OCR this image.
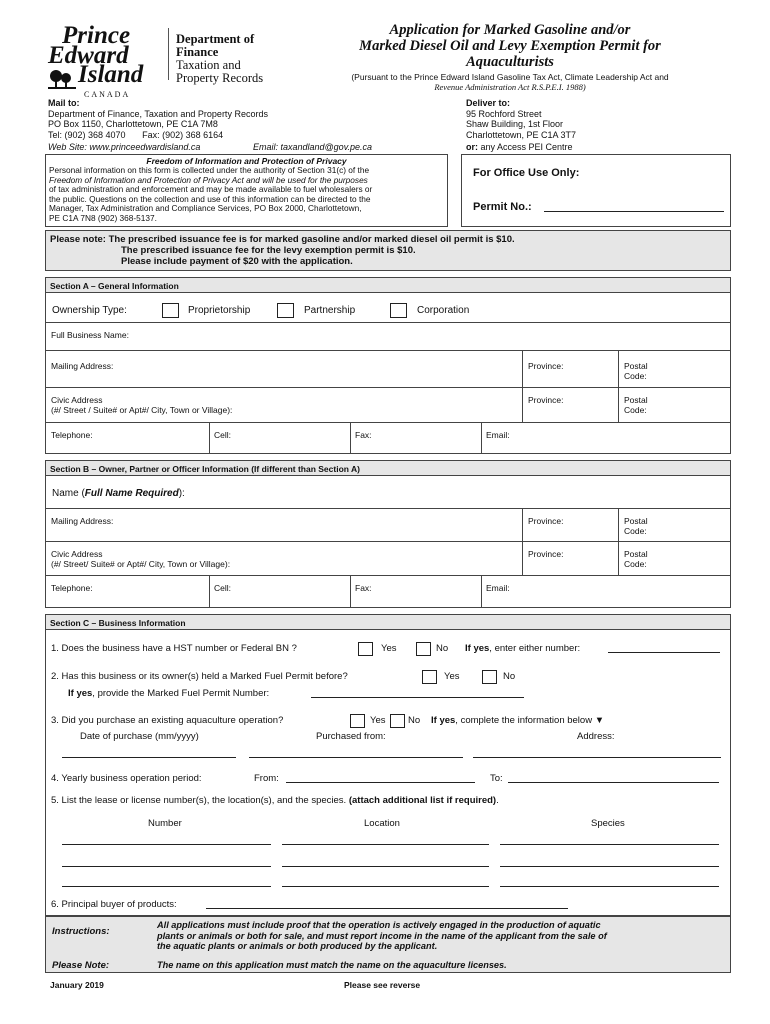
Prince
Edward
Island
CANADA
Department of
Finance
Taxation and
Property Records
Application for Marked Gasoline and/or
Marked Diesel Oil and Levy Exemption Permit for
Aquaculturists
(Pursuant to the Prince Edward Island Gasoline Tax Act, Climate Leadership Act and
Revenue Administration Act R.S.P.E.I. 1988)
Mail to:
Department of Finance, Taxation and Property Records
PO Box 1150, Charlottetown, PE C1A 7M8
Tel: (902) 368 4070 Fax: (902) 368 6164
Web Site: www.princeedwardisland.ca	Email: taxandland@gov.pe.ca
Deliver to:
95 Rochford Street
Shaw Building, 1st Floor
Charlottetown, PE C1A 3T7
or: any Access PEI Centre
Freedom of Information and Protection of Privacy
Personal information on this form is collected under the authority of Section 31(c) of the
Freedom of Information and Protection of Privacy Act and will be used for the purposes
of tax administration and enforcement and may be made available to fuel wholesalers or
the public. Questions on the collection and use of this information can be directed to the
Manager, Tax Administration and Compliance Services, PO Box 2000, Charlottetown,
PE C1A 7N8 (902) 368-5137.
For Office Use Only:
Permit No.:
Please note: The prescribed issuance fee is for marked gasoline and/or marked diesel oil permit is $10.
The prescribed issuance fee for the levy exemption permit is $10.
Please include payment of $20 with the application.
Section A – General Information
Ownership Type:	Proprietorship	Partnership	Corporation
Full Business Name:
Mailing Address:	Province:	Postal Code:
Civic Address
(#/ Street / Suite# or Apt#/ City, Town or Village):
Province:	Postal Code:
Telephone:	Cell:	Fax:	Email:
Section B – Owner, Partner or Officer Information (If different than Section A)
Name (Full Name Required):
Mailing Address:	Province:	Postal Code:
Civic Address
(#/ Street/ Suite# or Apt#/ City, Town or Village):
Province:	Postal Code:
Telephone:	Cell:	Fax:	Email:
Section C – Business Information
1. Does the business have a HST number or Federal BN ?	Yes	No If yes, enter either number:
2. Has this business or its owner(s) held a Marked Fuel Permit before?	Yes	No
If yes, provide the Marked Fuel Permit Number:
3. Did you purchase an existing aquaculture operation?	Yes No If yes, complete the information below ▼
Date of purchase (mm/yyyy)	Purchased from:	Address:
4. Yearly business operation period:	From:	To:
5. List the lease or license number(s), the location(s), and the species. (attach additional list if required).
Number	Location	Species
6. Principal buyer of products:
Instructions:
All applications must include proof that the operation is actively engaged in the production of aquatic
plants or animals or both for sale, and must report income in the name of the applicant from the sale of
the aquatic plants or animals or both produced by the applicant.
Please Note:	The name on this application must match the name on the aquaculture licenses.
January 2019	Please see reverse
